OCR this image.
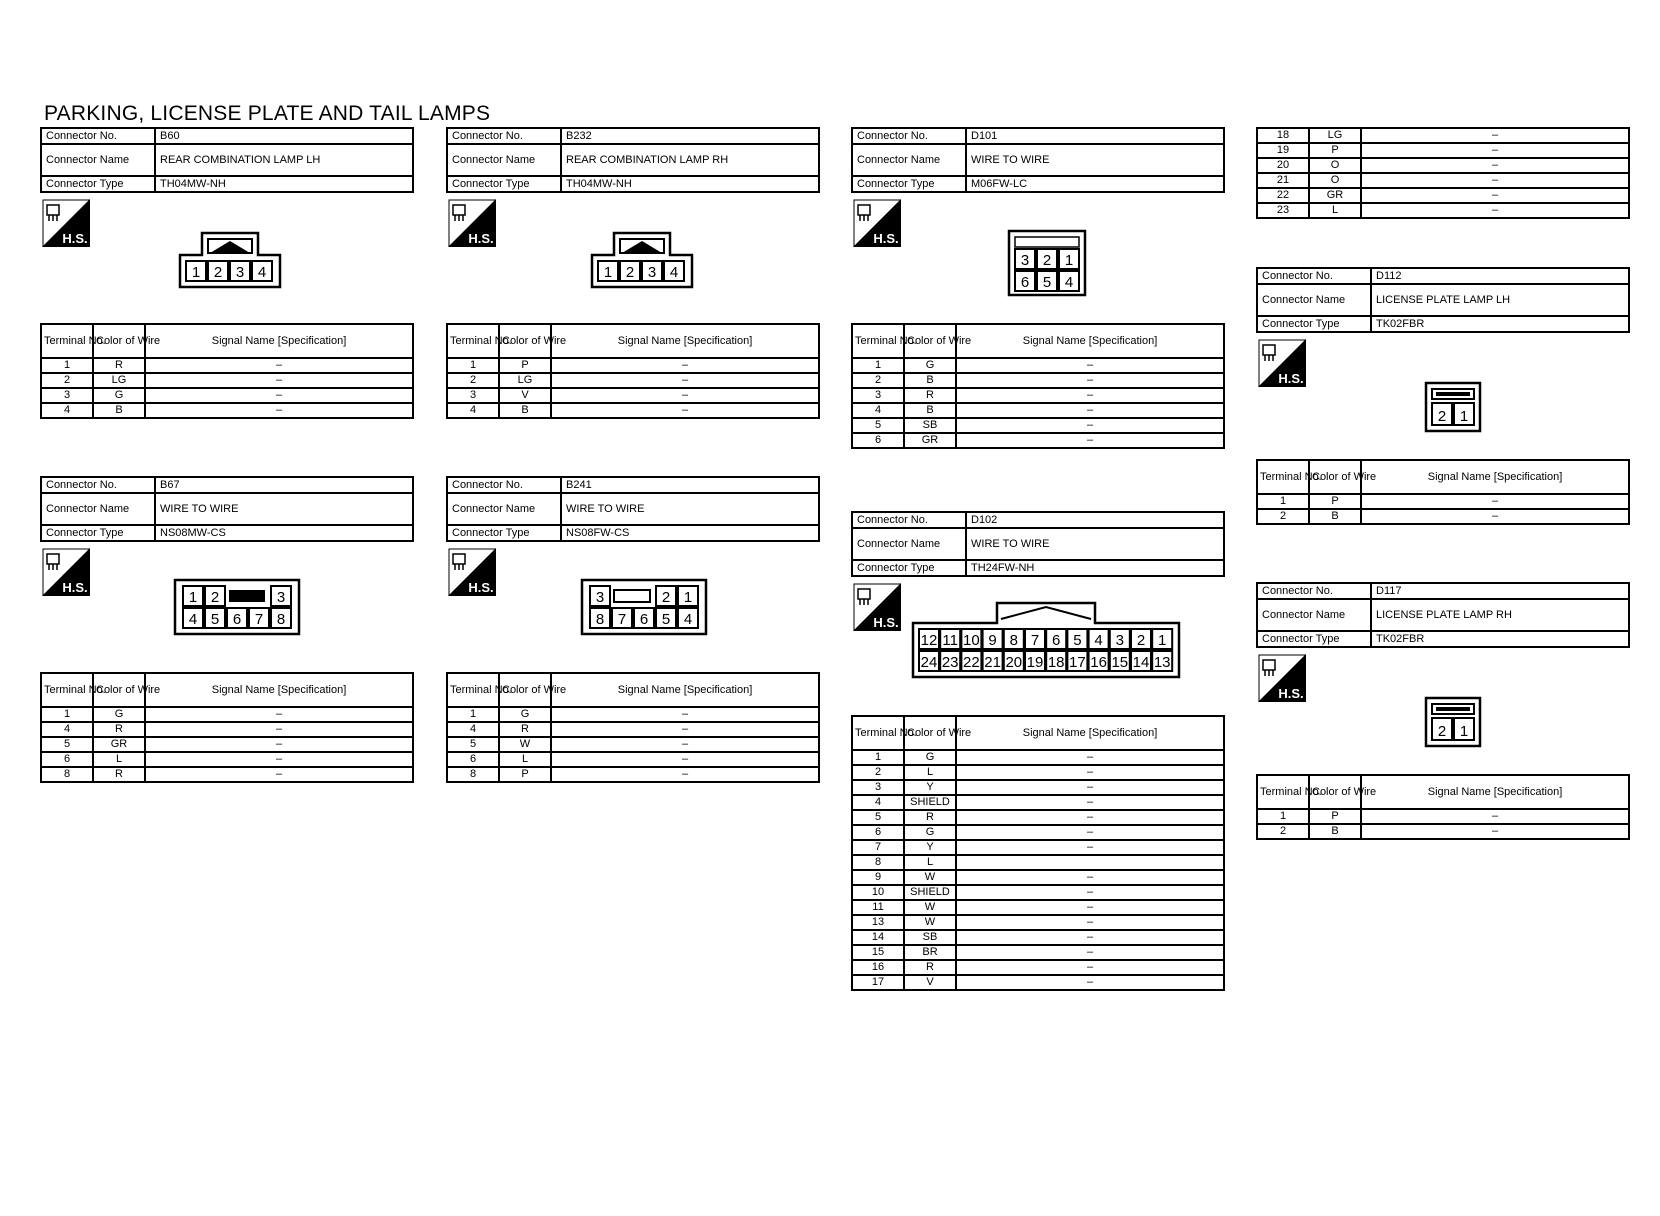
PARKING, LICENSE PLATE AND TAIL LAMPS
Connector No.	B60
Connector Name	REAR COMBINATION LAMP LH
Connector Type	TH04MW-NH
H.S.
1 2 3 4
Terminal No.	Color of Wire	Signal Name [Specification]
1	R	–
2	LG	–
3	G	–
4	B	–
Connector No.	B232
Connector Name	REAR COMBINATION LAMP RH
Connector Type	TH04MW-NH
H.S.
1 2 3 4
Terminal No.	Color of Wire	Signal Name [Specification]
1	P	–
2	LG	–
3	V	–
4	B	–
Connector No.	D101
Connector Name	WIRE TO WIRE
Connector Type	M06FW-LC
H.S.
3 2 1
6 5 4
Terminal No.	Color of Wire	Signal Name [Specification]
1	G	–
2	B	–
3	R	–
4	B	–
5	SB	–
6	GR	–
Connector No.	B67
Connector Name	WIRE TO WIRE
Connector Type	NS08MW-CS
H.S.
1 2	3
4 5 6 7 8
Terminal No.	Color of Wire	Signal Name [Specification]
1	G	–
4	R	–
5	GR	–
6	L	–
8	R	–
Connector No.	B241
Connector Name	WIRE TO WIRE
Connector Type	NS08FW-CS
H.S.
3	2 1
8 7 6 5 4
Terminal No.	Color of Wire	Signal Name [Specification]
1	G	–
4	R	–
5	W	–
6	L	–
8	P	–
Connector No.	D102
Connector Name	WIRE TO WIRE
Connector Type	TH24FW-NH
H.S.
12 11 10 9 8 7 6 5 4 3 2 1
24 23 22 21 20 19 18 17 16 15 14 13
Terminal No.	Color of Wire	Signal Name [Specification]
1	G	–
2	L	–
3	Y	–
4	SHIELD	–
5	R	–
6	G	–
7	Y	–
8	L	
9	W	–
10	SHIELD	–
11	W	–
13	W	–
14	SB	–
15	BR	–
16	R	–
17	V	–
18	LG	–
19	P	–
20	O	–
21	O	–
22	GR	–
23	L	–
Connector No.	D112
Connector Name	LICENSE PLATE LAMP LH
Connector Type	TK02FBR
H.S.
2 1
Terminal No.	Color of Wire	Signal Name [Specification]
1	P	–
2	B	–
Connector No.	D117
Connector Name	LICENSE PLATE LAMP RH
Connector Type	TK02FBR
H.S.
2 1
Terminal No.	Color of Wire	Signal Name [Specification]
1	P	–
2	B	–
